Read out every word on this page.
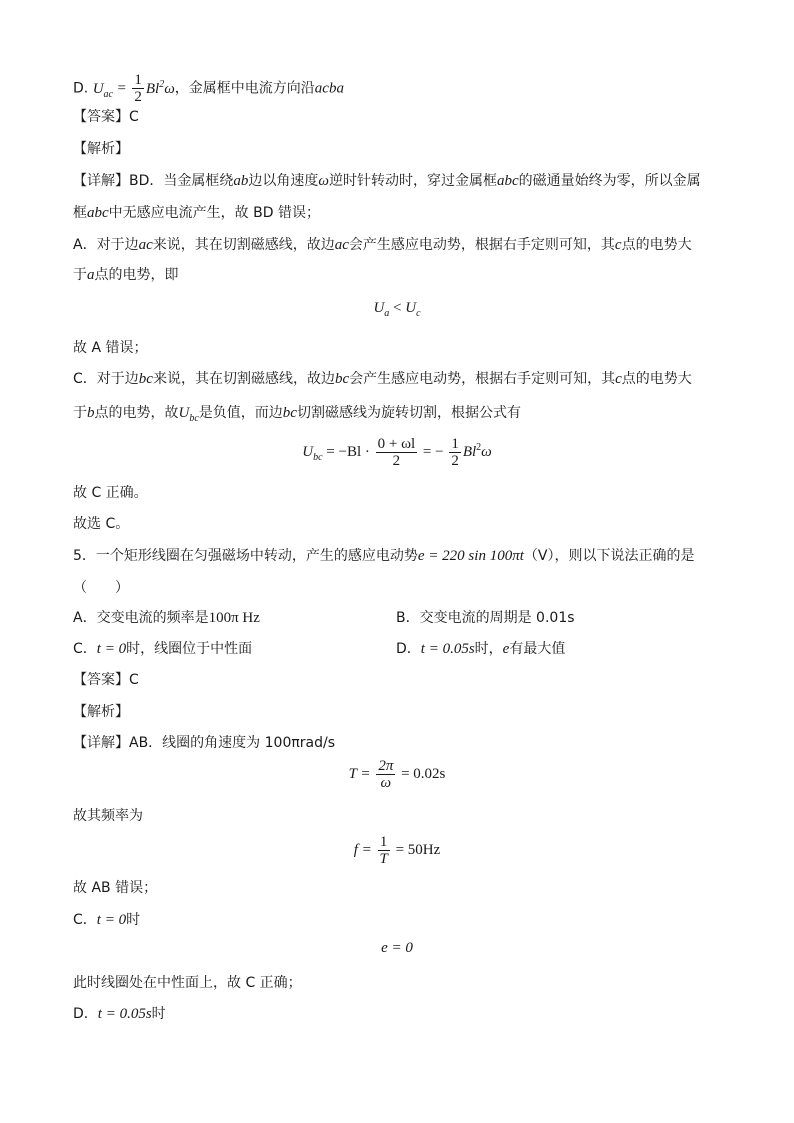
D. $U_{ac} = \frac{1}{2} Bl^2\omega$，金属框中电流方向沿acba
【答案】C
【解析】
【详解】BD．当金属框绕ab边以角速度ω逆时针转动时，穿过金属框abc的磁通量始终为零，所以金属
框abc中无感应电流产生，故 BD 错误；
A．对于边ac来说，其在切割磁感线，故边ac会产生感应电动势，根据右手定则可知，其c点的电势大
于a点的电势，即
$U_a < U_c$
故 A 错误；
C．对于边bc来说，其在切割磁感线，故边bc会产生感应电动势，根据右手定则可知，其c点的电势大
于b点的电势，故$U_{bc}$是负值，而边bc切割磁感线为旋转切割，根据公式有
$U_{bc} = -Bl \cdot \frac{0 + \omega l}{2}$ = − $\frac{1}{2} Bl^2\omega$
故 C 正确。
故选 C。
5．一个矩形线圈在匀强磁场中转动，产生的感应电动势e = 220 sin 100πt（V），则以下说法正确的是
（　　）
A．交变电流的频率是100π Hz	B．交变电流的周期是 0.01s
C．t = 0时，线圈位于中性面	D．t = 0.05s时，e有最大值
【答案】C
【解析】
【详解】AB．线圈的角速度为 100πrad/s
$T = \frac{2\pi}{\omega} = 0.02s$
故其频率为
$f = \frac{1}{T} = 50Hz$
故 AB 错误；
C．t = 0时
e = 0
此时线圈处在中性面上，故 C 正确；
D．t = 0.05s时
